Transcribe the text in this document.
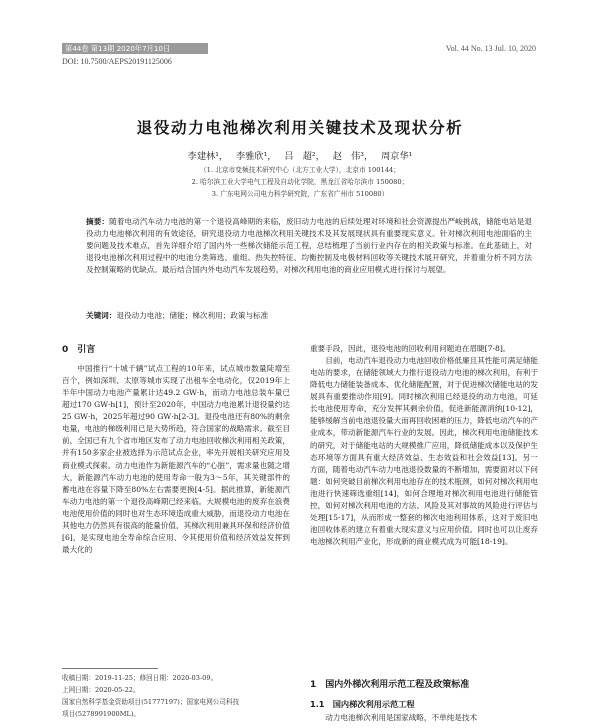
第44卷 第13期 2020年7月10日	Vol. 44 No. 13 Jul. 10, 2020
DOI: 10.7500/AEPS20191125006
退役动力电池梯次利用关键技术及现状分析
李建林¹， 李雅欣¹， 吕　超²， 赵　伟³， 周京华¹
（1. 北京市变频技术研究中心（北方工业大学），北京市 100144；
2. 哈尔滨工业大学电气工程及自动化学院，黑龙江省哈尔滨市 150080；
3. 广东电网公司电力科学研究院，广东省广州市 510080）
摘要：随着电动汽车动力电池的第一个退役高峰期的来临，废旧动力电池的后续处理对环境和社会资源提出严峻挑战，储能电站是退役动力电池梯次利用的有效途径，研究退役动力电池梯次利用关键技术及其发展现状具有重要现实意义。针对梯次利用电池面临的主要问题及技术难点，首先详细介绍了国内外一些梯次储能示范工程，总结梳理了当前行业内存在的相关政策与标准。在此基础上，对退役电池梯次利用过程中的电池分类筛选、重组、热失控特征、均衡控制及电极材料回收等关键技术展开研究，并着重分析不同方法及控制策略的优缺点。最后结合国内外电动汽车发展趋势，对梯次利用电池的商业应用模式进行探讨与展望。
关键词：退役动力电池；储能；梯次利用；政策与标准
0　引言

中国推行“十城千辆”试点工程的10年来，试点城市数量陡增至百个，例如深圳、太原等城市实现了出租车全电动化，仅2019年上半年中国动力电池产量累计达49.2 GW·h，而动力电池总装车量已超过170 GW·h[1]，预计至2020年，中国动力电池累计退役量约达25 GW·h，2025年超过90 GW·h[2-3]。退役电池还有80%的剩余电量，电池的梯级利用已是大势所趋，符合国家的战略需求。截至目前，全国已有九个省市地区发布了动力电池回收梯次利用相关政策，并有150多家企业被选择为示范试点企业，率先开展相关研究应用及商业模式探索。动力电池作为新能源汽车的“心脏”，需求量也随之增大，新能源汽车动力电池的使用寿命一般为3～5年，其关键部件的蓄电池在容量下降至80%左右需要更换[4-5]。据此推算，新能源汽车动力电池的第一个退役高峰期已经来临。大规模电池的废弃在浪费电池使用价值的同时也对生态环境造成重大威胁，而退役动力电池在其他电力仍然具有很高的能量价值，其梯次利用兼具环保和经济价值[6]，是实现电池全寿命综合应用、令其使用价值和经济效益发挥到最大化的

重要手段，因此，退役电池的回收利用问题迫在眉睫[7-8]。

目前，电动汽车退役动力电池回收价格低廉且其性能可满足储能电站的要求，在储能领域大力推行退役动力电池的梯次利用，有利于降低电力储能装备成本、优化储能配置，对于促进梯次储能电站的发展具有重要推动作用[9]。同时梯次利用已经退役的动力电池，可延长电池使用寿命，充分发挥其剩余价值，促进新能源消纳[10-12]，能够缓解当前电池退役量大而再回收困难的压力，降低电动汽车的产业成本，带动新能源汽车行业的发展。因此，梯次利用电池储能技术的研究，对于储能电站的大规模推广应用，降低储能成本以及保护生态环境等方面具有重大经济效益、生态效益和社会效益[13]。另一方面，随着电动汽车动力电池退役数量的不断增加，需要面对以下问题：如何突破目前梯次利用电池存在的技术瓶颈，如何对梯次利用电池进行快速筛选重组[14]，如何合理地对梯次利用电池进行储能管控，如何对梯次利用电池的方法、风险及其对事故的风险进行评估与处理[15-17]，从而形成一整套的梯次电池利用体系，这对于废旧电池回收体系的建立有着重大现实意义与应用价值。同时也可以让废弃电池梯次利用产业化，形成新的商业模式成为可能[18-19]。

1　国内外梯次利用示范工程及政策标准
1.1　国内梯次利用示范工程

动力电池梯次利用是国家战略，不单纯是技术

收稿日期：2019-11-25；修回日期：2020-03-09。
上网日期：2020-05-22。
国家自然科学基金资助项目(51777197)；国家电网公司科技
项目(5278991900ML)。
